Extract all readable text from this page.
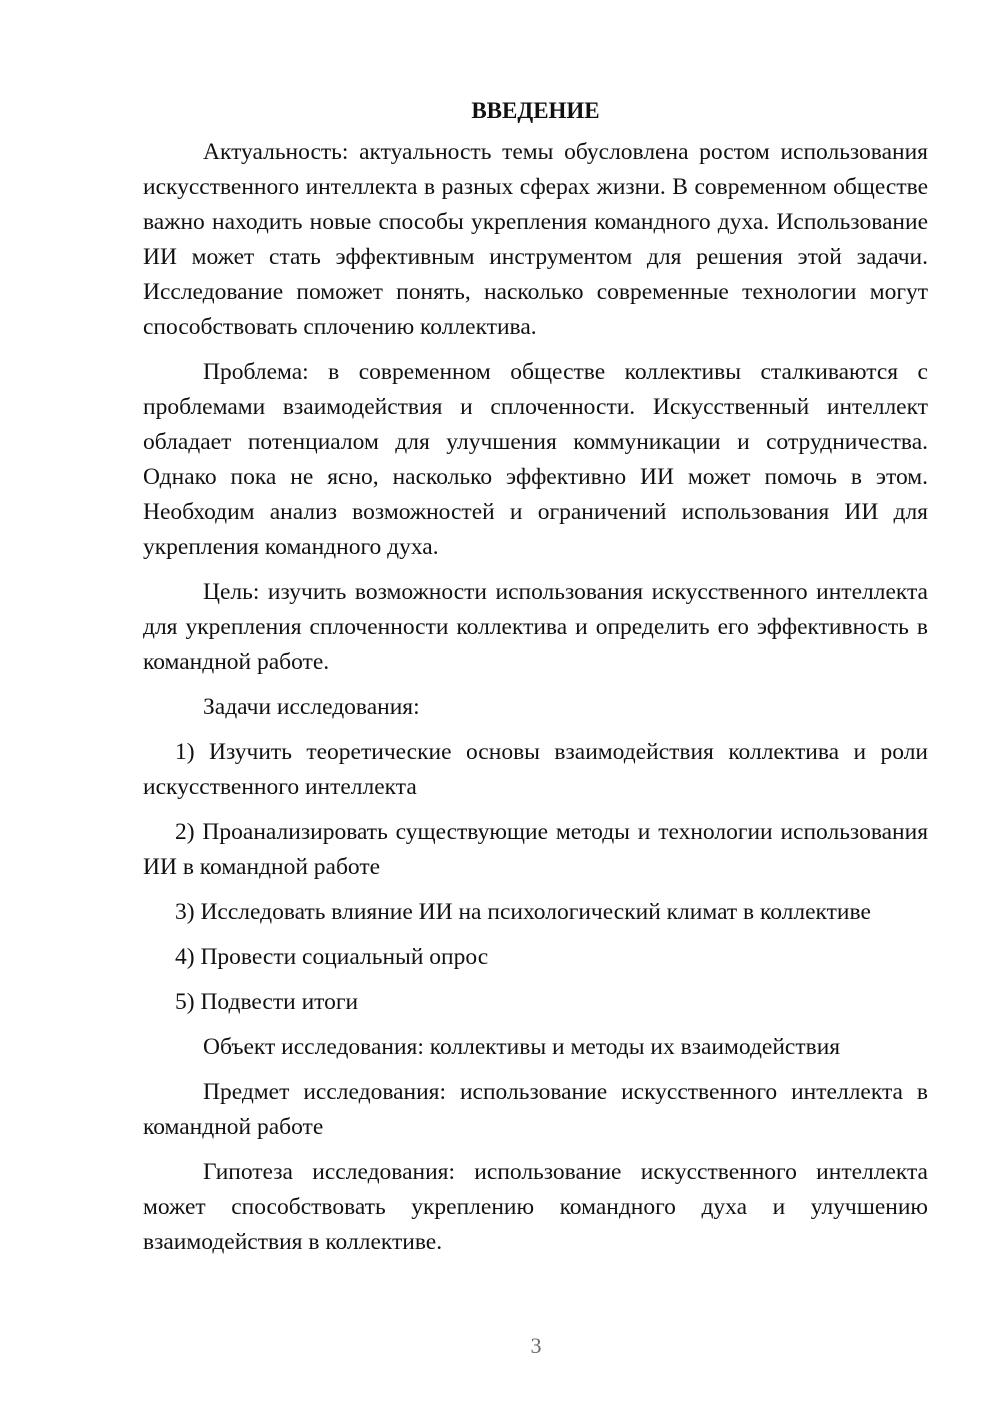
ВВЕДЕНИЕ

Актуальность: актуальность темы обусловлена ростом использования искусственного интеллекта в разных сферах жизни. В современном обществе важно находить новые способы укрепления командного духа. Использование ИИ может стать эффективным инструментом для решения этой задачи. Исследование поможет понять, насколько современные технологии могут способствовать сплочению коллектива.

Проблема: в современном обществе коллективы сталкиваются с проблемами взаимодействия и сплоченности. Искусственный интеллект обладает потенциалом для улучшения коммуникации и сотрудничества. Однако пока не ясно, насколько эффективно ИИ может помочь в этом. Необходим анализ возможностей и ограничений использования ИИ для укрепления командного духа.

Цель: изучить возможности использования искусственного интеллекта для укрепления сплоченности коллектива и определить его эффективность в командной работе.

Задачи исследования:

1) Изучить теоретические основы взаимодействия коллектива и роли искусственного интеллекта

2) Проанализировать существующие методы и технологии использования ИИ в командной работе

3) Исследовать влияние ИИ на психологический климат в коллективе

4) Провести социальный опрос

5) Подвести итоги

Объект исследования: коллективы и методы их взаимодействия

Предмет исследования: использование искусственного интеллекта в командной работе

Гипотеза исследования: использование искусственного интеллекта может способствовать укреплению командного духа и улучшению взаимодействия в коллективе.

3
